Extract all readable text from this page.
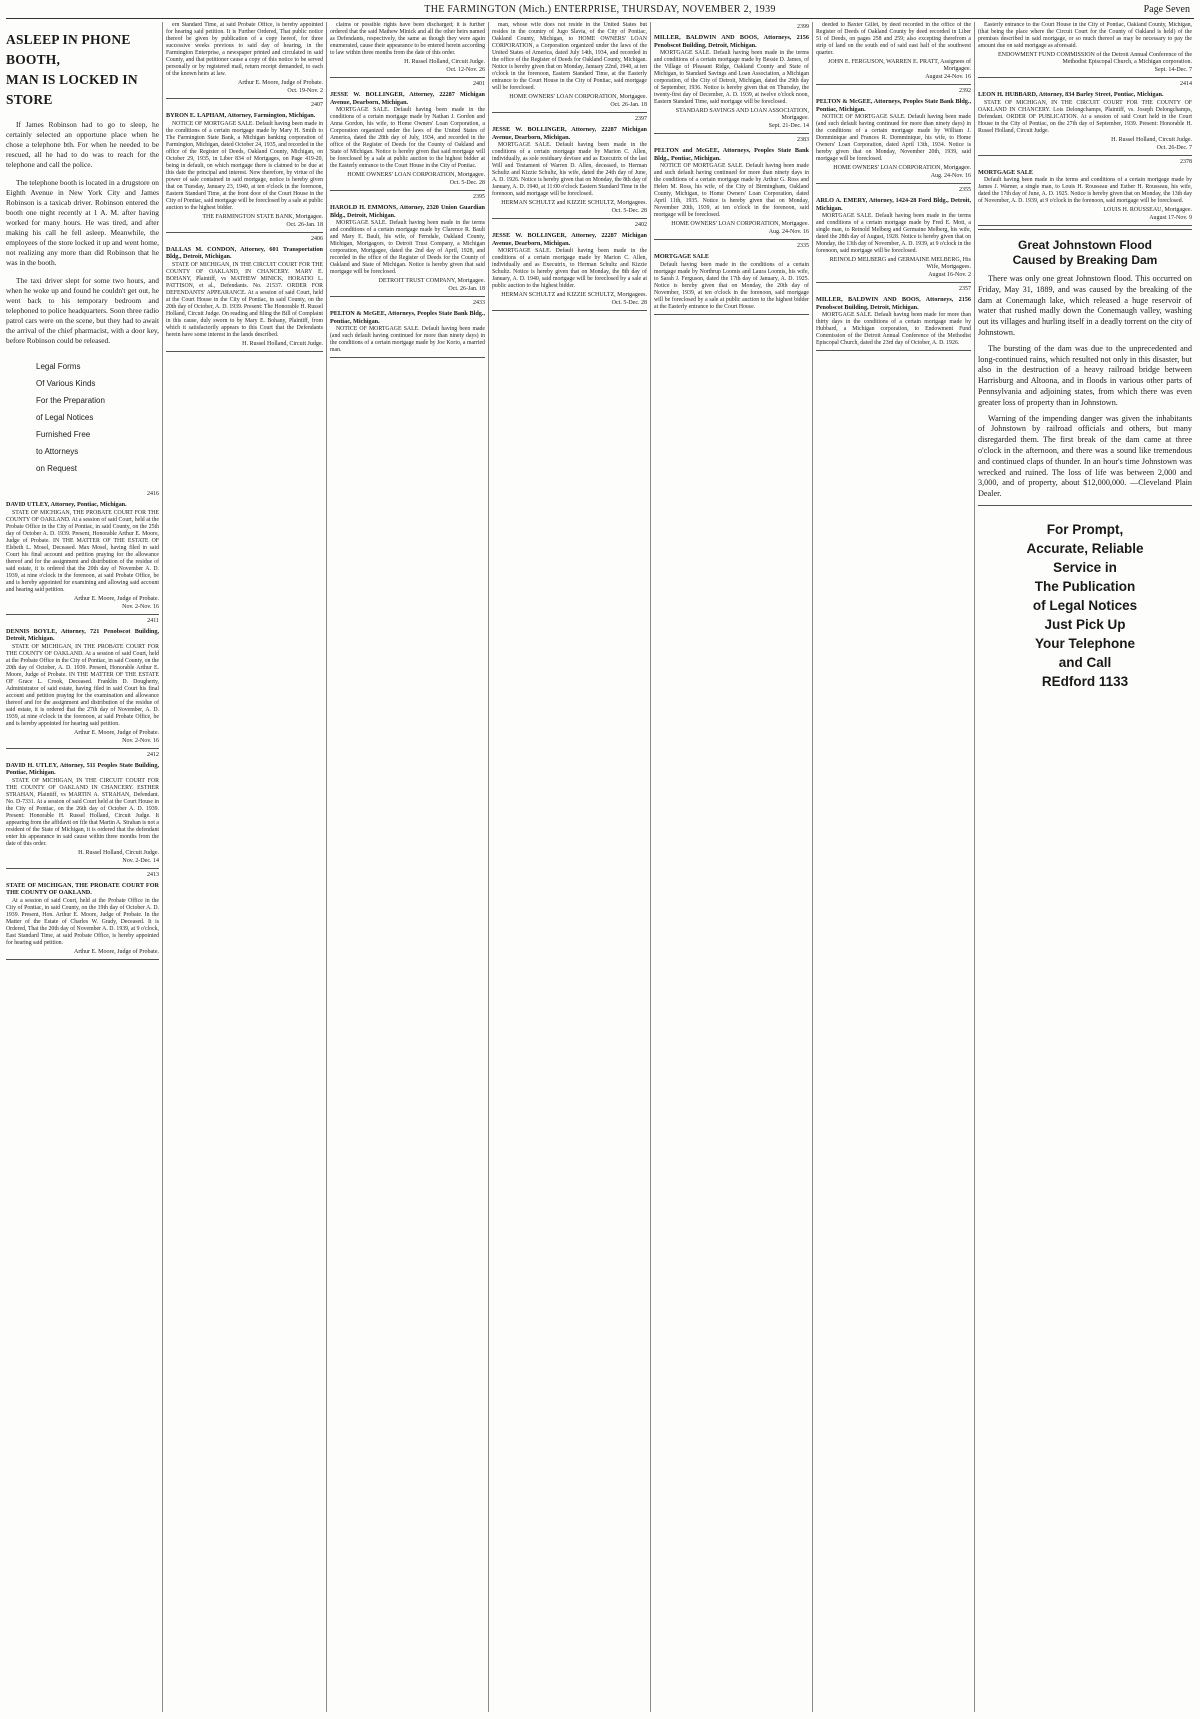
THE FARMINGTON (Mich.) ENTERPRISE, THURSDAY, NOVEMBER 2, 1939	Page Seven
ASLEEP IN PHONE BOOTH,
MAN IS LOCKED IN STORE

If James Robinson had to go to sleep, he certainly selected an opportune place when he chose a telephone bth. For when he needed to be rescued, all he had to do was to reach for the telephone and call the police.

The telephone booth is located in a drugstore on Eighth Avenue in New York City and James Robinson is a taxicab driver. Robinson entered the booth one night recently at 1 A. M. after having worked for many hours. He was tired, and after making his call he fell asleep. Meanwhile, the employees of the store locked it up and went home, not realizing any more than did Robinson that he was in the booth.

The taxi driver slept for some two hours, and when he woke up and found he couldn't get out, he went back to his temporary bedroom and telephoned to police headquarters. Soon three radio patrol cars were on the scene, but they had to await the arrival of the chief pharmacist, with a door key, before Robinson could be released.

Legal Forms
Of Various Kinds
For the Preparation
of Legal Notices
Furnished Free
to Attorneys
on Request
2416
DAVID UTLEY, Attorney, Pontiac, Michigan.
STATE OF MICHIGAN, THE PROBATE COURT FOR THE COUNTY OF OAKLAND. At a session of said Court, held at the Probate Office in the City of Pontiac, in said County, on the 25th day of October A. D. 1939. Present, Honorable Arthur E. Moore, Judge of Probate. IN THE MATTER OF THE ESTATE OF Elsbeth L. Mosel, Deceased. Max Mosel, having filed in said Court his final account and petition praying for the allowance thereof and for the assignment and distribution of the residue of said estate, it is ordered that the 20th day of November A. D. 1939, at nine o'clock in the forenoon, at said Probate Office, be and is hereby appointed for examining and allowing said account and hearing said petition.
Arthur E. Moore, Judge of Probate.
Nov. 2-Nov. 16
2411
DENNIS BOYLE, Attorney, 721 Penobscot Building, Detroit, Michigan.
STATE OF MICHIGAN, IN THE PROBATE COURT FOR THE COUNTY OF OAKLAND. At a session of said Court, held at the Probate Office in the City of Pontiac, in said County, on the 20th day of October, A. D. 1939. Present, Honorable Arthur E. Moore, Judge of Probate. IN THE MATTER OF THE ESTATE OF Grace L. Crook, Deceased. Franklin D. Dougherty, Administrator of said estate, having filed in said Court his final account and petition praying for the examination and allowance thereof and for the assignment and distribution of the residue of said estate, it is ordered that the 27th day of November, A. D. 1939, at nine o'clock in the forenoon, at said Probate Office, be and is hereby appointed for hearing said petition.
Arthur E. Moore, Judge of Probate.
Nov. 2-Nov. 16
2412
DAVID H. UTLEY, Attorney, 511 Peoples State Building, Pontiac, Michigan.
STATE OF MICHIGAN, IN THE CIRCUIT COURT FOR THE COUNTY OF OAKLAND IN CHANCERY. ESTHER STRAHAN, Plaintiff, vs MARTIN A. STRAHAN, Defendant. No. D-7331. At a session of said Court held at the Court House in the City of Pontiac, on the 26th day of October A. D. 1939. Present: Honorable H. Russel Holland, Circuit Judge. It appearing from the affidavit on file that Martin A. Strahan is not a resident of the State of Michigan, it is ordered that the defendant enter his appearance in said cause within three months from the date of this order.
H. Russel Holland, Circuit Judge.
Nov. 2-Dec. 14
2413
STATE OF MICHIGAN, THE PROBATE COURT FOR THE COUNTY OF OAKLAND.
At a session of said Court, held at the Probate Office in the City of Pontiac, in said County, on the 19th day of October A. D. 1939. Present, Hon. Arthur E. Moore, Judge of Probate. In the Matter of the Estate of Charles W. Grady, Deceased. It is Ordered, That the 20th day of November A. D. 1939, at 9 o'clock, East Standard Time, at said Probate Office, is hereby appointed for hearing said petition.
Arthur E. Moore, Judge of Probate.
ern Standard Time, at said Probate Office, is hereby appointed for hearing said petition. It is Further Ordered, That public notice thereof be given by publication of a copy hereof, for three successive weeks previous to said day of hearing, in the Farmington Enterprise, a newspaper printed and circulated in said County, and that petitioner cause a copy of this notice to be served personally or by registered mail, return receipt demanded, to each of the known heirs at law.
Arthur E. Moore, Judge of Probate.
Oct. 19-Nov. 2
2407
BYRON E. LAPHAM, Attorney, Farmington, Michigan.
NOTICE OF MORTGAGE SALE. Default having been made in the conditions of a certain mortgage made by Mary H. Smith to The Farmington State Bank, a Michigan banking corporation of Farmington, Michigan, dated October 24, 1935, and recorded in the office of the Register of Deeds, Oakland County, Michigan, on October 29, 1935, in Liber 834 of Mortgages, on Page 419-20, being in default, on which mortgage there is claimed to be due at this date the principal and interest. Now therefore, by virtue of the power of sale contained in said mortgage, notice is hereby given that on Tuesday, January 23, 1940, at ten o'clock in the forenoon, Eastern Standard Time, at the front door of the Court House in the City of Pontiac, said mortgage will be foreclosed by a sale at public auction to the highest bidder.
THE FARMINGTON STATE BANK, Mortgagee.
Oct. 26-Jan. 18
2406
DALLAS M. CONDON, Attorney, 601 Transportation Bldg., Detroit, Michigan.
STATE OF MICHIGAN, IN THE CIRCUIT COURT FOR THE COUNTY OF OAKLAND, IN CHANCERY. MARY E. BOHANY, Plaintiff, vs MATHEW MINICK, HORATIO L. PATTISON, et al., Defendants. No. 21537. ORDER FOR DEFENDANTS' APPEARANCE. At a session of said Court, held at the Court House in the City of Pontiac, in said County, on the 20th day of October, A. D. 1939. Present: The Honorable H. Russel Holland, Circuit Judge. On reading and filing the Bill of Complaint in this cause, duly sworn to by Mary E. Bohany, Plaintiff, from which it satisfactorily appears to this Court that the Defendants herein have some interest in the lands described.
H. Russel Holland, Circuit Judge.
claims or possible rights have been discharged; it is further ordered that the said Mathew Minick and all the other heirs named as Defendants, respectively, the same as though they were again enumerated, cause their appearance to be entered herein according to law within three months from the date of this order.
H. Russel Holland, Circuit Judge.
Oct. 12-Nov. 26
2401
JESSE W. BOLLINGER, Attorney, 22287 Michigan Avenue, Dearborn, Michigan.
MORTGAGE SALE. Default having been made in the conditions of a certain mortgage made by Nathan J. Gordon and Anna Gordon, his wife, to Home Owners' Loan Corporation, a Corporation organized under the laws of the United States of America, dated the 28th day of July, 1934, and recorded in the office of the Register of Deeds for the County of Oakland and State of Michigan. Notice is hereby given that said mortgage will be foreclosed by a sale at public auction to the highest bidder at the Easterly entrance to the Court House in the City of Pontiac.
HOME OWNERS' LOAN CORPORATION, Mortgagee.
Oct. 5-Dec. 28
2395
HAROLD H. EMMONS, Attorney, 2320 Union Guardian Bldg., Detroit, Michigan.
MORTGAGE SALE. Default having been made in the terms and conditions of a certain mortgage made by Clarence R. Bault and Mary E. Bault, his wife, of Ferndale, Oakland County, Michigan, Mortgagors, to Detroit Trust Company, a Michigan corporation, Mortgagee, dated the 2nd day of April, 1928, and recorded in the office of the Register of Deeds for the County of Oakland and State of Michigan. Notice is hereby given that said mortgage will be foreclosed.
DETROIT TRUST COMPANY, Mortgagee.
Oct. 26-Jan. 18
2433
PELTON & McGEE, Attorneys, Peoples State Bank Bldg., Pontiac, Michigan.
NOTICE OF MORTGAGE SALE. Default having been made (and such default having continued for more than ninety days) in the conditions of a certain mortgage made by Joe Korio, a married man.
man, whose wife does not reside in the United States but resides in the country of Jugo Slavia, of the City of Pontiac, Oakland County, Michigan, to HOME OWNERS' LOAN CORPORATION, a Corporation organized under the laws of the United States of America, dated July 14th, 1934, and recorded in the office of the Register of Deeds for Oakland County, Michigan. Notice is hereby given that on Monday, January 22nd, 1940, at ten o'clock in the forenoon, Eastern Standard Time, at the Easterly entrance to the Court House in the City of Pontiac, said mortgage will be foreclosed.
HOME OWNERS' LOAN CORPORATION, Mortgagee.
Oct. 26-Jan. 18
2397
JESSE W. BOLLINGER, Attorney, 22287 Michigan Avenue, Dearborn, Michigan.
MORTGAGE SALE. Default having been made in the conditions of a certain mortgage made by Marion C. Allen, individually, as sole residuary devisee and as Executrix of the last Will and Testament of Warren D. Allen, deceased, to Herman Schultz and Kizzie Schultz, his wife, dated the 24th day of June, A. D. 1926. Notice is hereby given that on Monday, the 8th day of January, A. D. 1940, at 11:00 o'clock Eastern Standard Time in the forenoon, said mortgage will be foreclosed.
HERMAN SCHULTZ and KIZZIE SCHULTZ, Mortgagees.
Oct. 5-Dec. 28
2402
JESSE W. BOLLINGER, Attorney, 22287 Michigan Avenue, Dearborn, Michigan.
MORTGAGE SALE. Default having been made in the conditions of a certain mortgage made by Marion C. Allen, individually and as Executrix, to Herman Schultz and Kizzie Schultz. Notice is hereby given that on Monday, the 8th day of January, A. D. 1940, said mortgage will be foreclosed by a sale at public auction to the highest bidder.
HERMAN SCHULTZ and KIZZIE SCHULTZ, Mortgagees.
Oct. 5-Dec. 28
2399
MILLER, BALDWIN AND BOOS, Attorneys, 2156 Penobscot Building, Detroit, Michigan.
MORTGAGE SALE. Default having been made in the terms and conditions of a certain mortgage made by Bessie D. James, of the Village of Pleasant Ridge, Oakland County and State of Michigan, to Standard Savings and Loan Association, a Michigan corporation, of the City of Detroit, Michigan, dated the 29th day of September, 1936. Notice is hereby given that on Thursday, the twenty-first day of December, A. D. 1939, at twelve o'clock noon, Eastern Standard Time, said mortgage will be foreclosed.
STANDARD SAVINGS AND LOAN ASSOCIATION, Mortgagee.
Sept. 21-Dec. 14
2383
PELTON and McGEE, Attorneys, Peoples State Bank Bldg., Pontiac, Michigan.
NOTICE OF MORTGAGE SALE. Default having been made and such default having continued for more than ninety days in the conditions of a certain mortgage made by Arthur G. Ross and Helen M. Ross, his wife, of the City of Birmingham, Oakland County, Michigan, to Home Owners' Loan Corporation, dated April 11th, 1935. Notice is hereby given that on Monday, November 20th, 1939, at ten o'clock in the forenoon, said mortgage will be foreclosed.
HOME OWNERS' LOAN CORPORATION, Mortgagee.
Aug. 24-Nov. 16
2335
MORTGAGE SALE
Default having been made in the conditions of a certain mortgage made by Northrup Loomis and Laura Loomis, his wife, to Sarah J. Ferguson, dated the 17th day of January, A. D. 1925. Notice is hereby given that on Monday, the 20th day of November, 1939, at ten o'clock in the forenoon, said mortgage will be foreclosed by a sale at public auction to the highest bidder at the Easterly entrance to the Court House.
deeded to Baxter Gillet, by deed recorded in the office of the Register of Deeds of Oakland County by deed recorded in Liber 51 of Deeds, on pages 258 and 259; also excepting therefrom a strip of land on the south end of said east half of the southwest quarter.
JOHN E. FERGUSON, WARREN E. PRATT, Assignees of Mortgagee.
August 24-Nov. 16
2392
PELTON & McGEE, Attorneys, Peoples State Bank Bldg., Pontiac, Michigan.
NOTICE OF MORTGAGE SALE. Default having been made (and such default having continued for more than ninety days) in the conditions of a certain mortgage made by William J. Domminique and Frances R. Domminique, his wife, to Home Owners' Loan Corporation, dated April 13th, 1934. Notice is hereby given that on Monday, November 20th, 1939, said mortgage will be foreclosed.
HOME OWNERS' LOAN CORPORATION, Mortgagee.
Aug. 24-Nov. 16
2355
ARLO A. EMERY, Attorney, 1424-28 Ford Bldg., Detroit, Michigan.
MORTGAGE SALE. Default having been made in the terms and conditions of a certain mortgage made by Fred E. Mott, a single man, to Reinold Melberg and Germaine Melberg, his wife, dated the 28th day of August, 1928. Notice is hereby given that on Monday, the 13th day of November, A. D. 1939, at 9 o'clock in the forenoon, said mortgage will be foreclosed.
REINOLD MELBERG and GERMAINE MELBERG, His Wife, Mortgagees.
August 16-Nov. 2
2357
MILLER, BALDWIN AND BOOS, Attorneys, 2156 Penobscot Building, Detroit, Michigan.
MORTGAGE SALE. Default having been made for more than thirty days in the conditions of a certain mortgage made by Hubbard, a Michigan corporation, to Endowment Fund Commission of the Detroit Annual Conference of the Methodist Episcopal Church, dated the 23rd day of October, A. D. 1926.
Easterly entrance to the Court House in the City of Pontiac, Oakland County, Michigan, (that being the place where the Circuit Court for the County of Oakland is held) of the premises described in said mortgage, or so much thereof as may be necessary to pay the amount due on said mortgage as aforesaid.
ENDOWMENT FUND COMMISSION of the Detroit Annual Conference of the Methodist Episcopal Church, a Michigan corporation.
Sept. 14-Dec. 7
2414
LEON H. HUBBARD, Attorney, 834 Barley Street, Pontiac, Michigan.
STATE OF MICHIGAN, IN THE CIRCUIT COURT FOR THE COUNTY OF OAKLAND IN CHANCERY. Lois Delongchamps, Plaintiff, vs. Joseph Delongchamps, Defendant. ORDER OF PUBLICATION. At a session of said Court held in the Court House in the City of Pontiac, on the 27th day of September, 1939. Present: Honorable H. Russel Holland, Circuit Judge.
H. Russel Holland, Circuit Judge.
Oct. 26-Dec. 7
2378
MORTGAGE SALE
Default having been made in the terms and conditions of a certain mortgage made by James J. Warner, a single man, to Louis H. Rousseau and Esther H. Rousseau, his wife, dated the 17th day of June, A. D. 1925. Notice is hereby given that on Monday, the 13th day of November, A. D. 1939, at 9 o'clock in the forenoon, said mortgage will be foreclosed.
LOUIS H. ROUSSEAU, Mortgagee.
August 17-Nov. 9
Great Johnstown Flood
Caused by Breaking Dam

There was only one great Johnstown flood. This occurred on Friday, May 31, 1889, and was caused by the breaking of the dam at Conemaugh lake, which released a huge reservoir of water that rushed madly down the Conemaugh valley, washing out its villages and hurling itself in a deadly torrent on the city of Johnstown.

The bursting of the dam was due to the unprecedented and long-continued rains, which resulted not only in this disaster, but also in the destruction of a heavy railroad bridge between Harrisburg and Altoona, and in floods in various other parts of Pennsylvania and adjoining states, from which there was even greater loss of property than in Johnstown.

Warning of the impending danger was given the inhabitants of Johnstown by railroad officials and others, but many disregarded them. The first break of the dam came at three o'clock in the afternoon, and there was a sound like tremendous and continued claps of thunder. In an hour's time Johnstown was wrecked and ruined. The loss of life was between 2,000 and 3,000, and of property, about $12,000,000. —Cleveland Plain Dealer.

For Prompt,
Accurate, Reliable
Service in
The Publication
of Legal Notices
Just Pick Up
Your Telephone
and Call
REdford 1133
